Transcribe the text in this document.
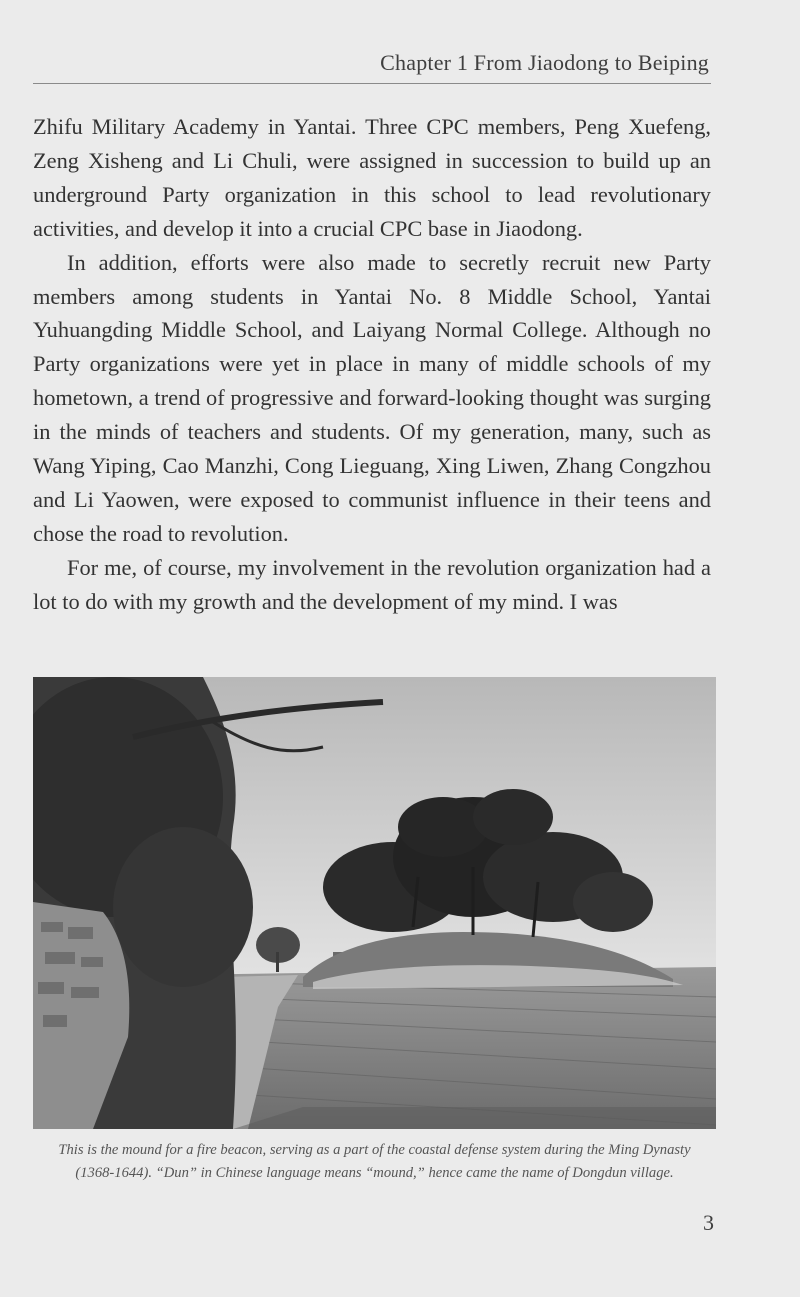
Chapter 1 From Jiaodong to Beiping

Zhifu Military Academy in Yantai. Three CPC members, Peng Xuefeng, Zeng Xisheng and Li Chuli, were assigned in succession to build up an underground Party organization in this school to lead revolutionary activities, and develop it into a crucial CPC base in Jiaodong.

In addition, efforts were also made to secretly recruit new Party members among students in Yantai No. 8 Middle School, Yantai Yuhuangding Middle School, and Laiyang Normal College. Although no Party organizations were yet in place in many of middle schools of my hometown, a trend of progressive and forward-looking thought was surging in the minds of teachers and students. Of my generation, many, such as Wang Yiping, Cao Manzhi, Cong Lieguang, Xing Liwen, Zhang Congzhou and Li Yaowen, were exposed to communist influence in their teens and chose the road to revolution.

For me, of course, my involvement in the revolution organization had a lot to do with my growth and the development of my mind. I was

This is the mound for a fire beacon, serving as a part of the coastal defense system during the Ming Dynasty
(1368-1644). “Dun” in Chinese language means “mound,” hence came the name of Dongdun village.
3
